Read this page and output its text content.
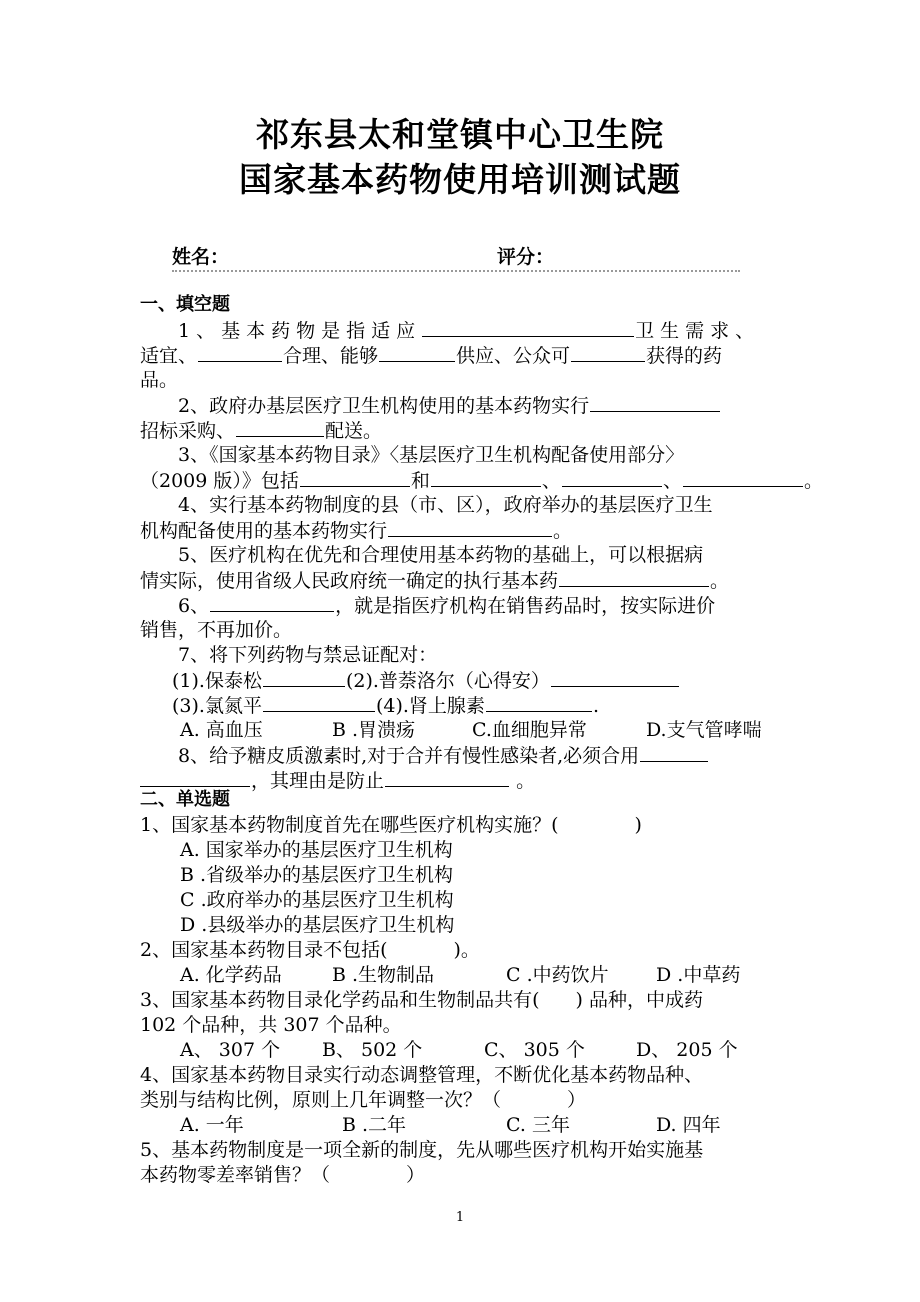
祁东县太和堂镇中心卫生院
国家基本药物使用培训测试题
姓名：	评分：
一、填空题
1、基本药物是指适应	卫生需求、
适宜、	合理、能够	供应、公众可	获得的药
品。
2、政府办基层医疗卫生机构使用的基本药物实行
招标采购、	配送。
3、《国家基本药物目录》〈基层医疗卫生机构配备使用部分〉
（2009 版）》包括	和	、	、	。
4、实行基本药物制度的县（市、区），政府举办的基层医疗卫生
机构配备使用的基本药物实行	。
5、医疗机构在优先和合理使用基本药物的基础上，可以根据病
情实际，使用省级人民政府统一确定的执行基本药	。
6、	，就是指医疗机构在销售药品时，按实际进价
销售，不再加价。
7、将下列药物与禁忌证配对：
(1).保泰松	(2).普萘洛尔（心得安）
(3).氯氮平	(4).肾上腺素	.
A. 高血压	B .胃溃疡	C.血细胞异常	D.支气管哮喘
8、给予糖皮质激素时,对于合并有慢性感染者,必须合用
，其理由是防止	。
二、单选题
1、国家基本药物制度首先在哪些医疗机构实施？(	)
A. 国家举办的基层医疗卫生机构
B .省级举办的基层医疗卫生机构
C .政府举办的基层医疗卫生机构
D .县级举办的基层医疗卫生机构
2、国家基本药物目录不包括(	)。
A. 化学药品	B .生物制品	C .中药饮片 D .中草药
3、国家基本药物目录化学药品和生物制品共有( ) 品种，中成药
102 个品种，共 307 个品种。
A、 307 个 B、 502 个	C、 305 个	D、 205 个
4、国家基本药物目录实行动态调整管理，不断优化基本药物品种、
类别与结构比例，原则上几年调整一次？（	）
A. 一年	B .二年	C. 三年	D. 四年
5、基本药物制度是一项全新的制度，先从哪些医疗机构开始实施基
本药物零差率销售？（	）
1
